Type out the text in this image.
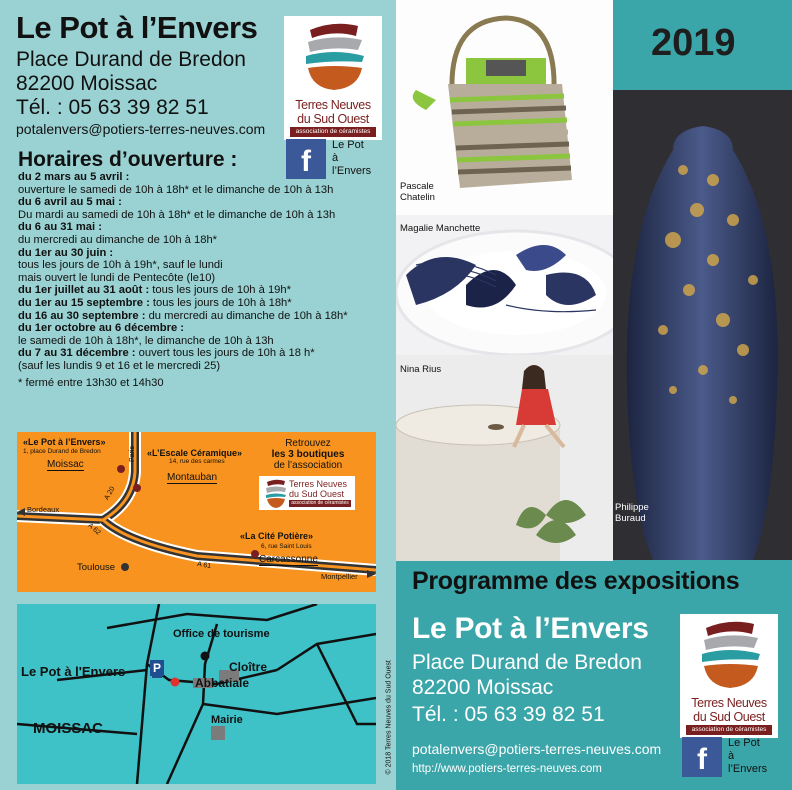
Le Pot à l’Envers
Place Durand de Bredon
82200 Moissac
Tél. : 05 63 39 82 51
potalenvers@potiers-terres-neuves.com
Terres Neuves
du Sud Ouest
association de céramistes
f	Le Pot
à
l’Envers
Horaires d’ouverture :
du 2 mars au 5 avril :
ouverture le samedi de 10h à 18h* et le dimanche de 10h à 13h
du 6 avril au 5 mai :
Du mardi au samedi de 10h à 18h* et le dimanche de 10h à 13h
du 6 au 31 mai :
du mercredi au dimanche de 10h à 18h*
du 1er au 30 juin :
tous les jours de 10h à 19h*, sauf le lundi
mais ouvert le lundi de Pentecôte (le10)
du 1er juillet au 31 août : tous les jours de 10h à 19h*
du 1er au 15 septembre : tous les jours de 10h à 18h*
du 16 au 30 septembre : du mercredi au dimanche de 10h à 18h*
du 1er octobre au 6 décembre :
le samedi de 10h à 18h*, le dimanche de 10h à 13h
du 7 au 31 décembre : ouvert tous les jours de 10h à 18 h*
(sauf les lundis 9 et 16 et le mercredi 25)
* fermé entre 13h30 et 14h30
«Le Pot à l’Envers»
1, place Durand de Bredon
Moissac
«L’Escale Céramique»
14, rue des carmes
Montauban
«La Cité Potière»
6, rue Saint Louis
Carcassonne
Retrouvez
les 3 boutiques
de l’association
Terres Neuves
du Sud Ouest
association de céramistes
Paris
A 20
A 62
A 61
Bordeaux
Montpellier
Toulouse
Office de tourisme
Le Pot à l'Envers P	Cloître
Abbatiale
Mairie
MOISSAC	© 2018 Terres Neuves du Sud Ouest
Pascale
Chatelin
Magalie Manchette
Nina Rius
2019
Philippe
Buraud
Programme des expositions
Le Pot à l’Envers
Place Durand de Bredon
82200 Moissac
Tél. : 05 63 39 82 51
potalenvers@potiers-terres-neuves.com
http://www.potiers-terres-neuves.com
Terres Neuves
du Sud Ouest
association de céramistes
f	Le Pot
à
l’Envers
